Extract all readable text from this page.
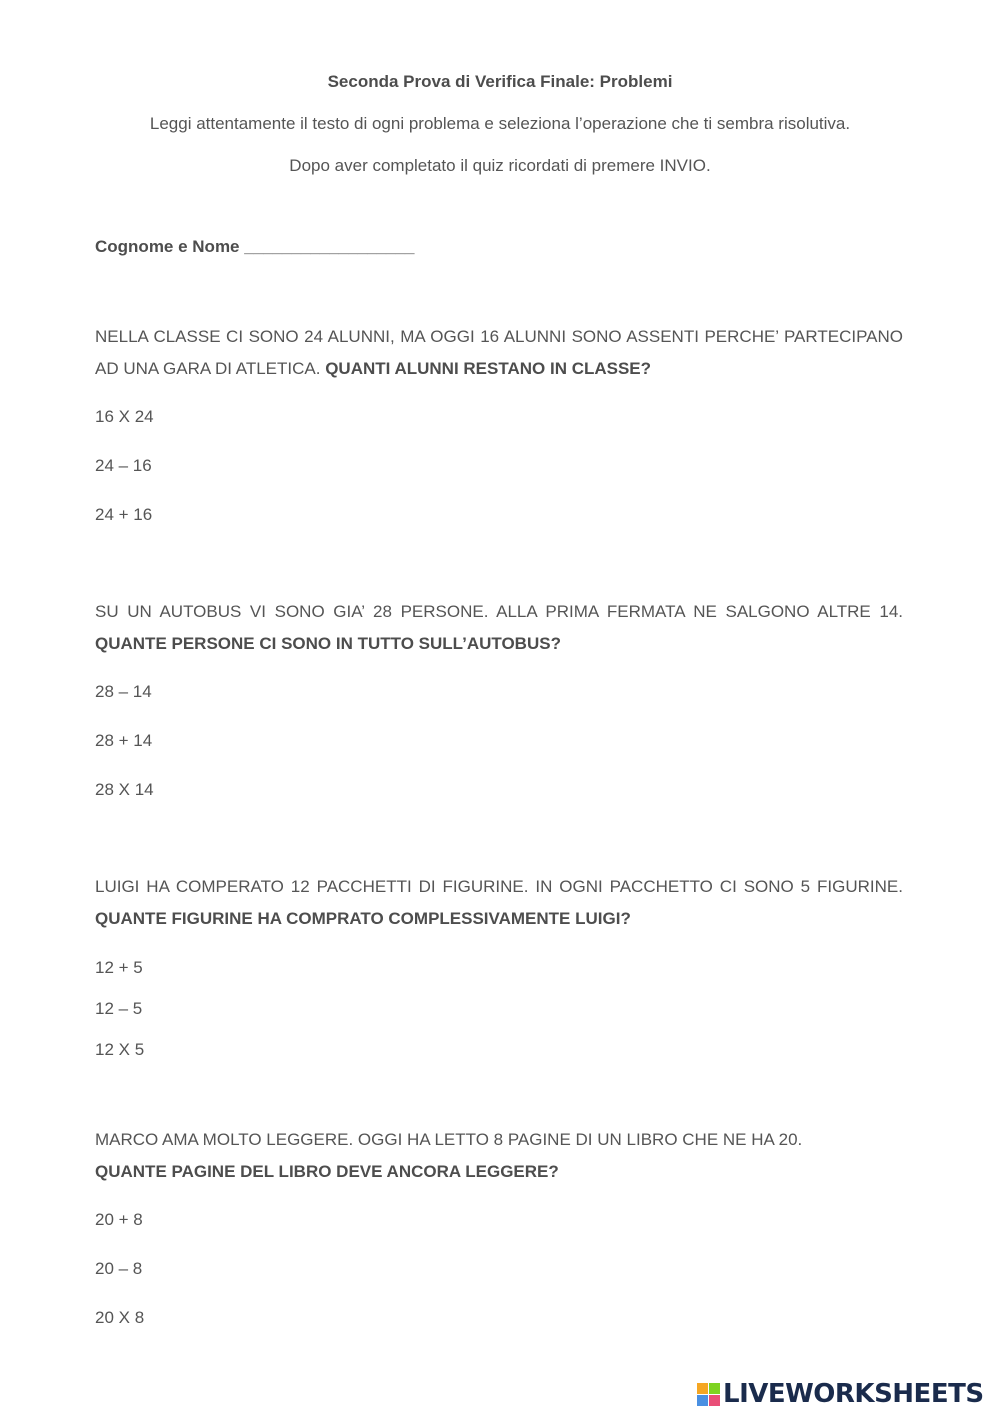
Seconda Prova di Verifica Finale: Problemi
Leggi attentamente il testo di ogni problema e seleziona l’operazione che ti sembra risolutiva.
Dopo aver completato il quiz ricordati di premere INVIO.
Cognome e Nome __________________
NELLA CLASSE CI SONO 24 ALUNNI, MA OGGI 16 ALUNNI SONO ASSENTI PERCHE’ PARTECIPANO AD UNA GARA DI ATLETICA. QUANTI ALUNNI RESTANO IN CLASSE?
16 X 24
24 – 16
24 + 16
SU UN AUTOBUS VI SONO GIA’ 28 PERSONE. ALLA PRIMA FERMATA NE SALGONO ALTRE 14. QUANTE PERSONE CI SONO IN TUTTO SULL’AUTOBUS?
28 – 14
28 + 14
28 X 14
LUIGI HA COMPERATO 12 PACCHETTI DI FIGURINE. IN OGNI PACCHETTO CI SONO 5 FIGURINE. QUANTE FIGURINE HA COMPRATO COMPLESSIVAMENTE LUIGI?
12 + 5
12 – 5
12 X 5
MARCO AMA MOLTO LEGGERE. OGGI HA LETTO 8 PAGINE DI UN LIBRO CHE NE HA 20.
QUANTE PAGINE DEL LIBRO DEVE ANCORA LEGGERE?
20 + 8
20 – 8
20 X 8
LIVEWORKSHEETS
